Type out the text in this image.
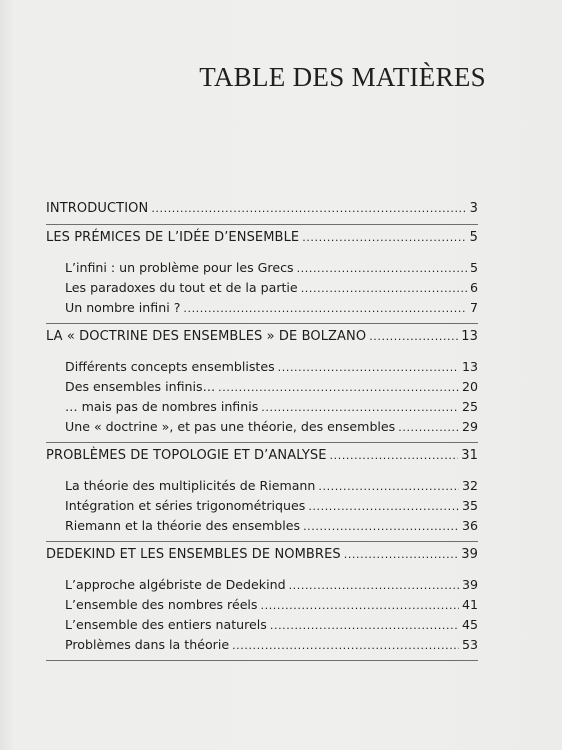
TABLE DES MATIÈRES
INTRODUCTION .....	3
LES PRÉMICES DE L’IDÉE D’ENSEMBLE .....	5
L’infini : un problème pour les Grecs .....	5
Les paradoxes du tout et de la partie .....	6
Un nombre infini ? .....	7
LA « DOCTRINE DES ENSEMBLES » DE BOLZANO .....	13
Différents concepts ensemblistes .....	13
Des ensembles infinis… .....	20
… mais pas de nombres infinis .....	25
Une « doctrine », et pas une théorie, des ensembles .....	29
PROBLÈMES DE TOPOLOGIE ET D’ANALYSE .....	31
La théorie des multiplicités de Riemann .....	32
Intégration et séries trigonométriques .....	35
Riemann et la théorie des ensembles .....	36
DEDEKIND ET LES ENSEMBLES DE NOMBRES .....	39
L’approche algébriste de Dedekind .....	39
L’ensemble des nombres réels .....	41
L’ensemble des entiers naturels .....	45
Problèmes dans la théorie .....	53
